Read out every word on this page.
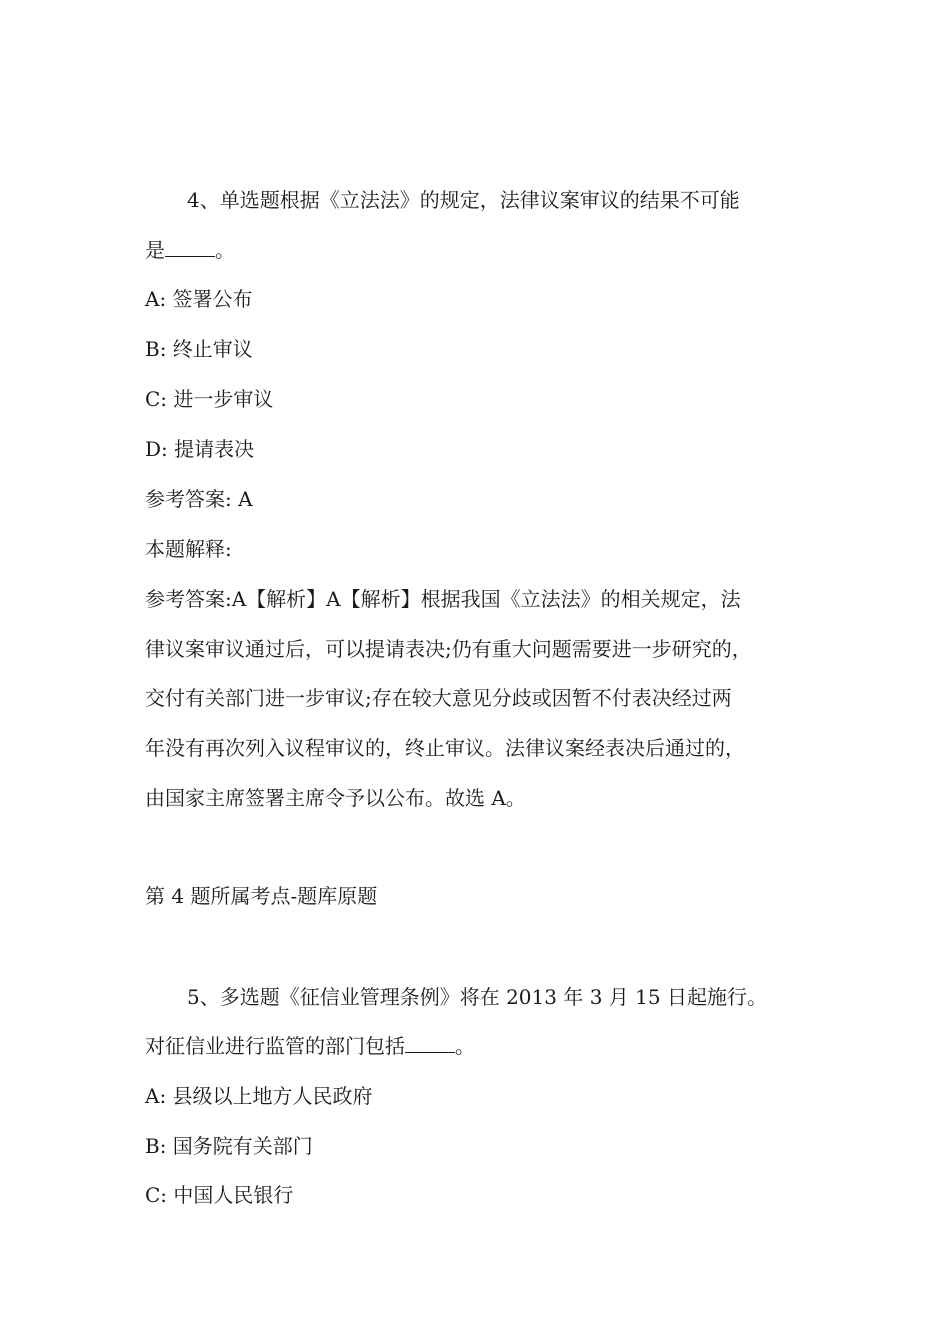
4、单选题根据《立法法》的规定，法律议案审议的结果不可能
是	。
A: 签署公布
B: 终止审议
C: 进一步审议
D: 提请表决
参考答案: A
本题解释:
参考答案:A【解析】A【解析】根据我国《立法法》的相关规定，法
律议案审议通过后，可以提请表决;仍有重大问题需要进一步研究的，
交付有关部门进一步审议;存在较大意见分歧或因暂不付表决经过两
年没有再次列入议程审议的，终止审议。法律议案经表决后通过的，
由国家主席签署主席令予以公布。故选 A。
第 4 题所属考点-题库原题
5、多选题《征信业管理条例》将在 2013 年 3 月 15 日起施行。
对征信业进行监管的部门包括	。
A: 县级以上地方人民政府
B: 国务院有关部门
C: 中国人民银行
